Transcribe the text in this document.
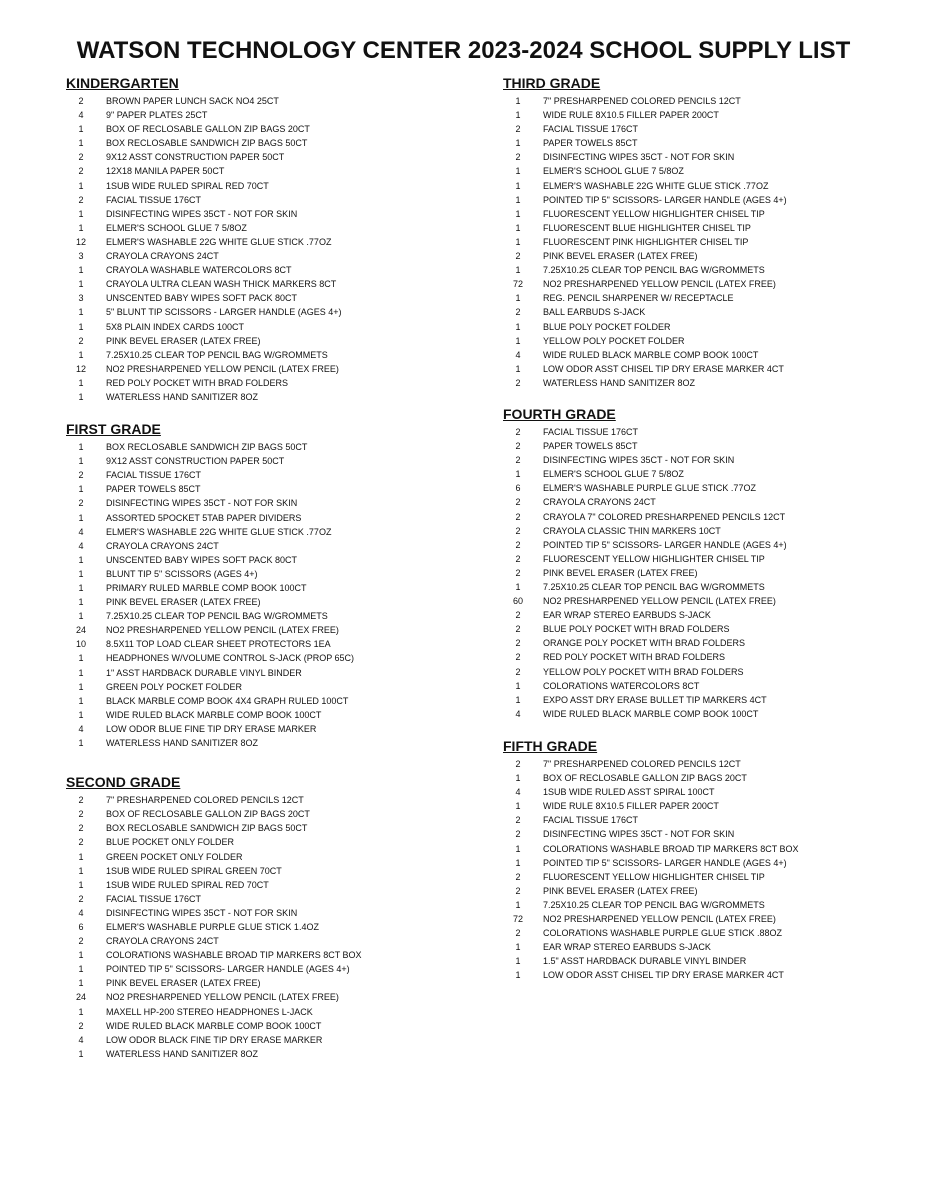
WATSON TECHNOLOGY CENTER 2023-2024 SCHOOL SUPPLY LIST
KINDERGARTEN
2	BROWN PAPER LUNCH SACK NO4 25CT
4	9" PAPER PLATES 25CT
1	BOX OF RECLOSABLE GALLON ZIP BAGS 20CT
1	BOX RECLOSABLE SANDWICH ZIP BAGS 50CT
2	9X12 ASST CONSTRUCTION PAPER 50CT
2	12X18 MANILA PAPER 50CT
1	1SUB WIDE RULED SPIRAL RED 70CT
2	FACIAL TISSUE 176CT
1	DISINFECTING WIPES 35CT - NOT FOR SKIN
1	ELMER'S SCHOOL GLUE 7 5/8OZ
12	ELMER'S WASHABLE 22G WHITE GLUE STICK .77OZ
3	CRAYOLA CRAYONS 24CT
1	CRAYOLA WASHABLE WATERCOLORS 8CT
1	CRAYOLA ULTRA CLEAN WASH THICK MARKERS 8CT
3	UNSCENTED BABY WIPES SOFT PACK 80CT
1	5" BLUNT TIP SCISSORS - LARGER HANDLE (AGES 4+)
1	5X8 PLAIN INDEX CARDS 100CT
2	PINK BEVEL ERASER (LATEX FREE)
1	7.25X10.25 CLEAR TOP PENCIL BAG W/GROMMETS
12	NO2 PRESHARPENED YELLOW PENCIL (LATEX FREE)
1	RED POLY POCKET WITH BRAD FOLDERS
1	WATERLESS HAND SANITIZER 8OZ
FIRST GRADE
1	BOX RECLOSABLE SANDWICH ZIP BAGS 50CT
1	9X12 ASST CONSTRUCTION PAPER 50CT
2	FACIAL TISSUE 176CT
1	PAPER TOWELS 85CT
2	DISINFECTING WIPES 35CT - NOT FOR SKIN
1	ASSORTED 5POCKET 5TAB PAPER DIVIDERS
4	ELMER'S WASHABLE 22G WHITE GLUE STICK .77OZ
4	CRAYOLA CRAYONS 24CT
1	UNSCENTED BABY WIPES SOFT PACK 80CT
1	BLUNT TIP 5" SCISSORS (AGES 4+)
1	PRIMARY RULED MARBLE COMP BOOK 100CT
1	PINK BEVEL ERASER (LATEX FREE)
1	7.25X10.25 CLEAR TOP PENCIL BAG W/GROMMETS
24	NO2 PRESHARPENED YELLOW PENCIL (LATEX FREE)
10	8.5X11 TOP LOAD CLEAR SHEET PROTECTORS 1EA
1	HEADPHONES W/VOLUME CONTROL S-JACK (PROP 65C)
1	1" ASST HARDBACK DURABLE VINYL BINDER
1	GREEN POLY POCKET FOLDER
1	BLACK MARBLE COMP BOOK 4X4 GRAPH RULED 100CT
1	WIDE RULED BLACK MARBLE COMP BOOK 100CT
4	LOW ODOR BLUE FINE TIP DRY ERASE MARKER
1	WATERLESS HAND SANITIZER 8OZ
SECOND GRADE
2	7" PRESHARPENED COLORED PENCILS 12CT
2	BOX OF RECLOSABLE GALLON ZIP BAGS 20CT
2	BOX RECLOSABLE SANDWICH ZIP BAGS 50CT
2	BLUE POCKET ONLY FOLDER
1	GREEN POCKET ONLY FOLDER
1	1SUB WIDE RULED SPIRAL GREEN 70CT
1	1SUB WIDE RULED SPIRAL RED 70CT
2	FACIAL TISSUE 176CT
4	DISINFECTING WIPES 35CT - NOT FOR SKIN
6	ELMER'S WASHABLE PURPLE GLUE STICK 1.4OZ
2	CRAYOLA CRAYONS 24CT
1	COLORATIONS WASHABLE BROAD TIP MARKERS 8CT BOX
1	POINTED TIP 5" SCISSORS- LARGER HANDLE (AGES 4+)
1	PINK BEVEL ERASER (LATEX FREE)
24	NO2 PRESHARPENED YELLOW PENCIL (LATEX FREE)
1	MAXELL HP-200 STEREO HEADPHONES L-JACK
2	WIDE RULED BLACK MARBLE COMP BOOK 100CT
4	LOW ODOR BLACK FINE TIP DRY ERASE MARKER
1	WATERLESS HAND SANITIZER 8OZ
THIRD GRADE
1	7" PRESHARPENED COLORED PENCILS 12CT
1	WIDE RULE 8X10.5 FILLER PAPER 200CT
2	FACIAL TISSUE 176CT
1	PAPER TOWELS 85CT
2	DISINFECTING WIPES 35CT - NOT FOR SKIN
1	ELMER'S SCHOOL GLUE 7 5/8OZ
1	ELMER'S WASHABLE 22G WHITE GLUE STICK .77OZ
1	POINTED TIP 5" SCISSORS- LARGER HANDLE (AGES 4+)
1	FLUORESCENT YELLOW HIGHLIGHTER CHISEL TIP
1	FLUORESCENT BLUE HIGHLIGHTER CHISEL TIP
1	FLUORESCENT PINK HIGHLIGHTER CHISEL TIP
2	PINK BEVEL ERASER (LATEX FREE)
1	7.25X10.25 CLEAR TOP PENCIL BAG W/GROMMETS
72	NO2 PRESHARPENED YELLOW PENCIL (LATEX FREE)
1	REG. PENCIL SHARPENER W/ RECEPTACLE
2	BALL EARBUDS S-JACK
1	BLUE POLY POCKET FOLDER
1	YELLOW POLY POCKET FOLDER
4	WIDE RULED BLACK MARBLE COMP BOOK 100CT
1	LOW ODOR ASST CHISEL TIP DRY ERASE MARKER 4CT
2	WATERLESS HAND SANITIZER 8OZ
FOURTH GRADE
2	FACIAL TISSUE 176CT
2	PAPER TOWELS 85CT
2	DISINFECTING WIPES 35CT - NOT FOR SKIN
1	ELMER'S SCHOOL GLUE 7 5/8OZ
6	ELMER'S WASHABLE PURPLE GLUE STICK .77OZ
2	CRAYOLA CRAYONS 24CT
2	CRAYOLA 7" COLORED PRESHARPENED PENCILS 12CT
2	CRAYOLA CLASSIC THIN MARKERS 10CT
2	POINTED TIP 5" SCISSORS- LARGER HANDLE (AGES 4+)
2	FLUORESCENT YELLOW HIGHLIGHTER CHISEL TIP
2	PINK BEVEL ERASER (LATEX FREE)
1	7.25X10.25 CLEAR TOP PENCIL BAG W/GROMMETS
60	NO2 PRESHARPENED YELLOW PENCIL (LATEX FREE)
2	EAR WRAP STEREO EARBUDS S-JACK
2	BLUE POLY POCKET WITH BRAD FOLDERS
2	ORANGE POLY POCKET WITH BRAD FOLDERS
2	RED POLY POCKET WITH BRAD FOLDERS
2	YELLOW POLY POCKET WITH BRAD FOLDERS
1	COLORATIONS WATERCOLORS 8CT
1	EXPO ASST DRY ERASE BULLET TIP MARKERS 4CT
4	WIDE RULED BLACK MARBLE COMP BOOK 100CT
FIFTH GRADE
2	7" PRESHARPENED COLORED PENCILS 12CT
1	BOX OF RECLOSABLE GALLON ZIP BAGS 20CT
4	1SUB WIDE RULED ASST SPIRAL 100CT
1	WIDE RULE 8X10.5 FILLER PAPER 200CT
2	FACIAL TISSUE 176CT
2	DISINFECTING WIPES 35CT - NOT FOR SKIN
1	COLORATIONS WASHABLE BROAD TIP MARKERS 8CT BOX
1	POINTED TIP 5" SCISSORS- LARGER HANDLE (AGES 4+)
2	FLUORESCENT YELLOW HIGHLIGHTER CHISEL TIP
2	PINK BEVEL ERASER (LATEX FREE)
1	7.25X10.25 CLEAR TOP PENCIL BAG W/GROMMETS
72	NO2 PRESHARPENED YELLOW PENCIL (LATEX FREE)
2	COLORATIONS WASHABLE PURPLE GLUE STICK .88OZ
1	EAR WRAP STEREO EARBUDS S-JACK
1	1.5" ASST HARDBACK DURABLE VINYL BINDER
1	LOW ODOR ASST CHISEL TIP DRY ERASE MARKER 4CT
